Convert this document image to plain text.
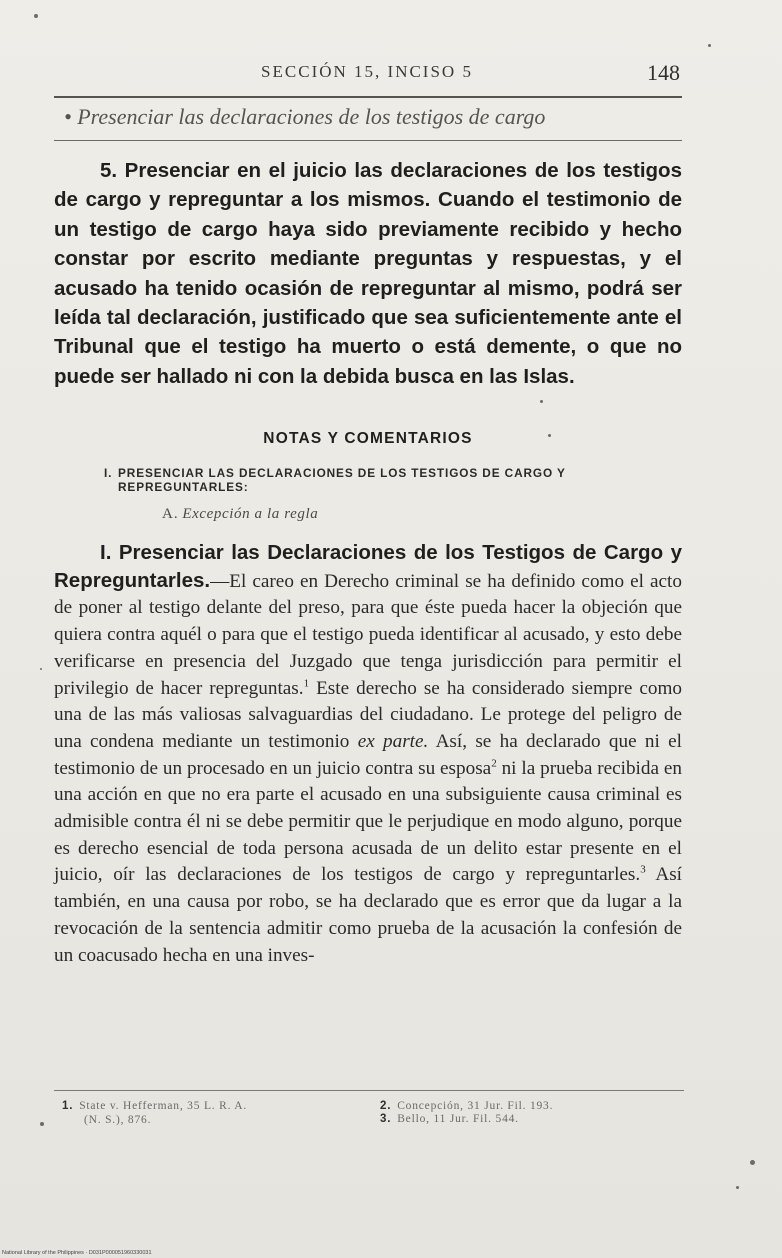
SECCIÓN 15, INCISO 5	148
• Presenciar las declaraciones de los testigos de cargo

5. Presenciar en el juicio las declaraciones de los testigos de cargo y repreguntar a los mismos. Cuando el testimonio de un testigo de cargo haya sido previamente recibido y hecho constar por escrito mediante preguntas y respuestas, y el acusado ha tenido ocasión de repreguntar al mismo, podrá ser leída tal declaración, justificado que sea suficientemente ante el Tribunal que el testigo ha muerto o está demente, o que no puede ser hallado ni con la debida busca en las Islas.

NOTAS Y COMENTARIOS
I. PRESENCIAR LAS DECLARACIONES DE LOS TESTIGOS DE CARGO Y REPREGUNTARLES:
A. Excepción a la regla

I. Presenciar las Declaraciones de los Testigos de Cargo y Repreguntarles.—El careo en Derecho criminal se ha definido como el acto de poner al testigo delante del preso, para que éste pueda hacer la objeción que quiera contra aquél o para que el testigo pueda identificar al acusado, y esto debe verificarse en presencia del Juzgado que tenga jurisdicción para permitir el privilegio de hacer repreguntas.$^1$ Este derecho se ha considerado siempre como una de las más valiosas salvaguardias del ciudadano. Le protege del peligro de una condena mediante un testimonio ex parte. Así, se ha declarado que ni el testimonio de un procesado en un juicio contra su esposa$^2$ ni la prueba recibida en una acción en que no era parte el acusado en una subsiguiente causa criminal es admisible contra él ni se debe permitir que le perjudique en modo alguno, porque es derecho esencial de toda persona acusada de un delito estar presente en el juicio, oír las declaraciones de los testigos de cargo y repreguntarles.$^3$ Así también, en una causa por robo, se ha declarado que es error que da lugar a la revocación de la sentencia admitir como prueba de la acusación la confesión de un coacusado hecha en una inves-

1. State v. Hefferman, 35 L. R. A.
(N. S.), 876.
2. Concepción, 31 Jur. Fil. 193.
3. Bello, 11 Jur. Fil. 544.
National Library of the Philippines · D031P000051960330031
